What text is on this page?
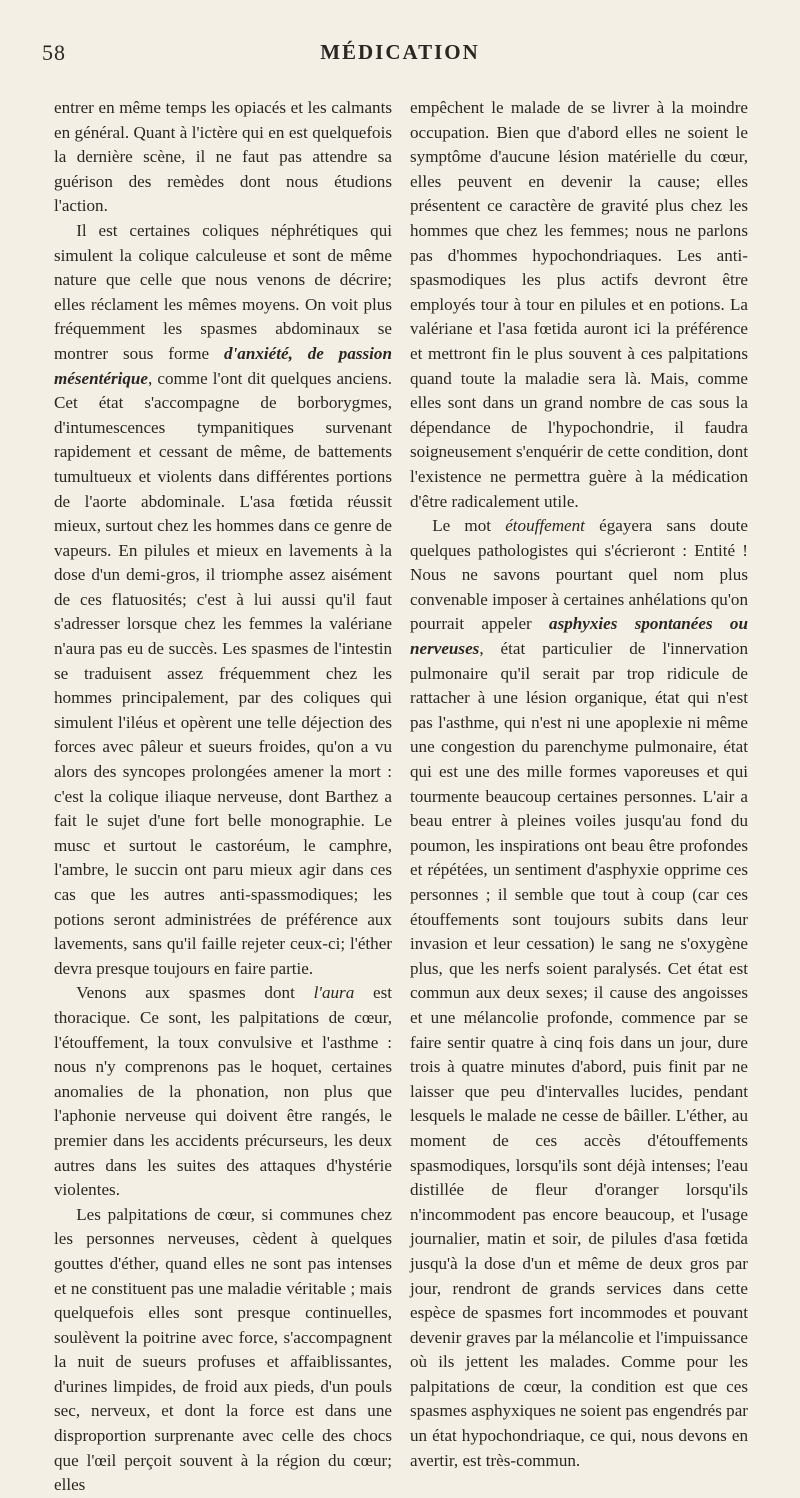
58	MÉDICATION

entrer en même temps les opiacés et les calmants en général. Quant à l'ictère qui en est quelquefois la dernière scène, il ne faut pas attendre sa guérison des remèdes dont nous étudions l'action.

Il est certaines coliques néphrétiques qui simulent la colique calculeuse et sont de même nature que celle que nous venons de décrire; elles réclament les mêmes moyens. On voit plus fréquemment les spasmes abdominaux se montrer sous forme d'anxiété, de passion mésentérique, comme l'ont dit quelques anciens. Cet état s'accompagne de borborygmes, d'intumescences tympanitiques survenant rapidement et cessant de même, de battements tumultueux et violents dans différentes portions de l'aorte abdominale. L'asa fœtida réussit mieux, surtout chez les hommes dans ce genre de vapeurs. En pilules et mieux en lavements à la dose d'un demi-gros, il triomphe assez aisément de ces flatuosités; c'est à lui aussi qu'il faut s'adresser lorsque chez les femmes la valériane n'aura pas eu de succès. Les spasmes de l'intestin se traduisent assez fréquemment chez les hommes principalement, par des coliques qui simulent l'iléus et opèrent une telle déjection des forces avec pâleur et sueurs froides, qu'on a vu alors des syncopes prolongées amener la mort : c'est la colique iliaque nerveuse, dont Barthez a fait le sujet d'une fort belle monographie. Le musc et surtout le castoréum, le camphre, l'ambre, le succin ont paru mieux agir dans ces cas que les autres anti-spassmodiques; les potions seront administrées de préférence aux lavements, sans qu'il faille rejeter ceux-ci; l'éther devra presque toujours en faire partie.

Venons aux spasmes dont l'aura est thoracique. Ce sont, les palpitations de cœur, l'étouffement, la toux convulsive et l'asthme : nous n'y comprenons pas le hoquet, certaines anomalies de la phonation, non plus que l'aphonie nerveuse qui doivent être rangés, le premier dans les accidents précurseurs, les deux autres dans les suites des attaques d'hystérie violentes.

Les palpitations de cœur, si communes chez les personnes nerveuses, cèdent à quelques gouttes d'éther, quand elles ne sont pas intenses et ne constituent pas une maladie véritable ; mais quelquefois elles sont presque continuelles, soulèvent la poitrine avec force, s'accompagnent la nuit de sueurs profuses et affaiblissantes, d'urines limpides, de froid aux pieds, d'un pouls sec, nerveux, et dont la force est dans une disproportion surprenante avec celle des chocs que l'œil perçoit souvent à la région du cœur; elles

empêchent le malade de se livrer à la moindre occupation. Bien que d'abord elles ne soient le symptôme d'aucune lésion matérielle du cœur, elles peuvent en devenir la cause; elles présentent ce caractère de gravité plus chez les hommes que chez les femmes; nous ne parlons pas d'hommes hypochondriaques. Les anti-spasmodiques les plus actifs devront être employés tour à tour en pilules et en potions. La valériane et l'asa fœtida auront ici la préférence et mettront fin le plus souvent à ces palpitations quand toute la maladie sera là. Mais, comme elles sont dans un grand nombre de cas sous la dépendance de l'hypochondrie, il faudra soigneusement s'enquérir de cette condition, dont l'existence ne permettra guère à la médication d'être radicalement utile.

Le mot étouffement égayera sans doute quelques pathologistes qui s'écrieront : Entité ! Nous ne savons pourtant quel nom plus convenable imposer à certaines anhélations qu'on pourrait appeler asphyxies spontanées ou nerveuses, état particulier de l'innervation pulmonaire qu'il serait par trop ridicule de rattacher à une lésion organique, état qui n'est pas l'asthme, qui n'est ni une apoplexie ni même une congestion du parenchyme pulmonaire, état qui est une des mille formes vaporeuses et qui tourmente beaucoup certaines personnes. L'air a beau entrer à pleines voiles jusqu'au fond du poumon, les inspirations ont beau être profondes et répétées, un sentiment d'asphyxie opprime ces personnes ; il semble que tout à coup (car ces étouffements sont toujours subits dans leur invasion et leur cessation) le sang ne s'oxygène plus, que les nerfs soient paralysés. Cet état est commun aux deux sexes; il cause des angoisses et une mélancolie profonde, commence par se faire sentir quatre à cinq fois dans un jour, dure trois à quatre minutes d'abord, puis finit par ne laisser que peu d'intervalles lucides, pendant lesquels le malade ne cesse de bâiller. L'éther, au moment de ces accès d'étouffements spasmodiques, lorsqu'ils sont déjà intenses; l'eau distillée de fleur d'oranger lorsqu'ils n'incommodent pas encore beaucoup, et l'usage journalier, matin et soir, de pilules d'asa fœtida jusqu'à la dose d'un et même de deux gros par jour, rendront de grands services dans cette espèce de spasmes fort incommodes et pouvant devenir graves par la mélancolie et l'impuissance où ils jettent les malades. Comme pour les palpitations de cœur, la condition est que ces spasmes asphyxiques ne soient pas engendrés par un état hypochondriaque, ce qui, nous devons en avertir, est très-commun.
